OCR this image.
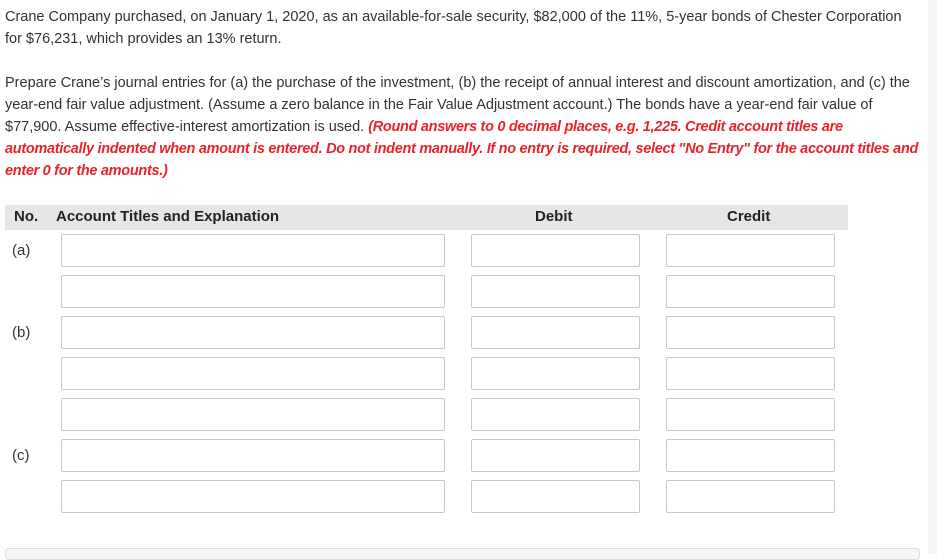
Crane Company purchased, on January 1, 2020, as an available-for-sale security, $82,000 of the 11%, 5-year bonds of Chester Corporation for $76,231, which provides an 13% return.

Prepare Crane’s journal entries for (a) the purchase of the investment, (b) the receipt of annual interest and discount amortization, and (c) the year-end fair value adjustment. (Assume a zero balance in the Fair Value Adjustment account.) The bonds have a year-end fair value of $77,900. Assume effective-interest amortization is used. (Round answers to 0 decimal places, e.g. 1,225. Credit account titles are automatically indented when amount is entered. Do not indent manually. If no entry is required, select "No Entry" for the account titles and enter 0 for the amounts.)

No. Account Titles and Explanation	Debit	Credit
(a)
(b)
(c)
